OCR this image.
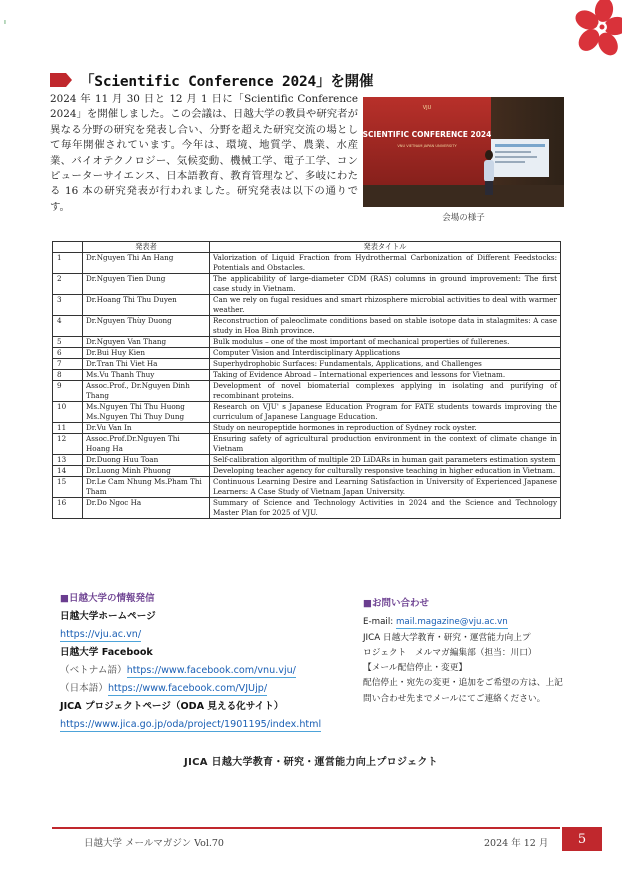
ı
「Scientific Conference 2024」を開催

2024 年 11 月 30 日と 12 月 1 日に「Scientific Conference 2024」を開催しました。この会議は、日越大学の教員や研究者が異なる分野の研究を発表し合い、分野を超えた研究交流の場として毎年開催されています。今年は、環境、地質学、農業、水産業、バイオテクノロジー、気候変動、機械工学、電子工学、コンピューターサイエンス、日本語教育、教育管理など、多岐にわたる 16 本の研究発表が行われました。研究発表は以下の通りです。

VJU
SCIENTIFIC CONFERENCE 2024
VNU VIETNAM JAPAN UNIVERSITY
会場の様子
	発表者	発表タイトル
1	Dr.Nguyen Thi An Hang	Valorization of Liquid Fraction from Hydrothermal Carbonization of Different Feedstocks: Potentials and Obstacles.
2	Dr.Nguyen Tien Dung	The applicability of large-diameter CDM (RAS) columns in ground improvement: The first case study in Vietnam.
3	Dr.Hoang Thi Thu Duyen	Can we rely on fugal residues and smart rhizosphere microbial activities to deal with warmer weather.
4	Dr.Nguyen Thùy Duong	Reconstruction of paleoclimate conditions based on stable isotope data in stalagmites: A case study in Hoa Binh province.
5	Dr.Nguyen Van Thang	Bulk modulus – one of the most important of mechanical properties of fullerenes.
6	Dr.Bui Huy Kien	Computer Vision and Interdisciplinary Applications
7	Dr.Tran Thi Viet Ha	Superhydrophobic Surfaces: Fundamentals, Applications, and Challenges
8	Ms.Vu Thanh Thuy	Taking of Evidence Abroad – International experiences and lessons for Vietnam.
9	Assoc.Prof., Dr.Nguyen Dinh Thang	Development of novel biomaterial complexes applying in isolating and purifying of recombinant proteins.
10	Ms.Nguyen Thi Thu Huong Ms.Nguyen Thi Thuy Dung	Research on VJU' s Japanese Education Program for FATE students towards improving the curriculum of Japanese Language Education.
11	Dr.Vu Van In	Study on neuropeptide hormones in reproduction of Sydney rock oyster.
12	Assoc.Prof.Dr.Nguyen Thi Hoang Ha	Ensuring safety of agricultural production environment in the context of climate change in Vietnam
13	Dr.Duong Huu Toan	Self-calibration algorithm of multiple 2D LiDARs in human gait parameters estimation system
14	Dr.Luong Minh Phuong	Developing teacher agency for culturally responsive teaching in higher education in Vietnam.
15	Dr.Le Cam Nhung Ms.Pham Thi Tham	Continuous Learning Desire and Learning Satisfaction in University of Experienced Japanese Learners: A Case Study of Vietnam Japan University.
16	Dr.Do Ngoc Ha	Summary of Science and Technology Activities in 2024 and the Science and Technology Master Plan for 2025 of VJU.
■日越大学の情報発信
日越大学ホームページ
https://vju.ac.vn/
日越大学 Facebook
（ベトナム語）https://www.facebook.com/vnu.vju/
（日本語）https://www.facebook.com/VJUjp/
JICA プロジェクトページ（ODA 見える化サイト）
https://www.jica.go.jp/oda/project/1901195/index.html
■お問い合わせ
E-mail: mail.magazine@vju.ac.vn
JICA 日越大学教育・研究・運営能力向上プ
ロジェクト　メルマガ編集部（担当：川口）
【メール配信停止・変更】
配信停止・宛先の変更・追加をご希望の方は、上記問い合わせ先までメールにてご連絡ください。
JICA 日越大学教育・研究・運営能力向上プロジェクト
日越大学 メールマガジン Vol.70	2024 年 12 月	5
